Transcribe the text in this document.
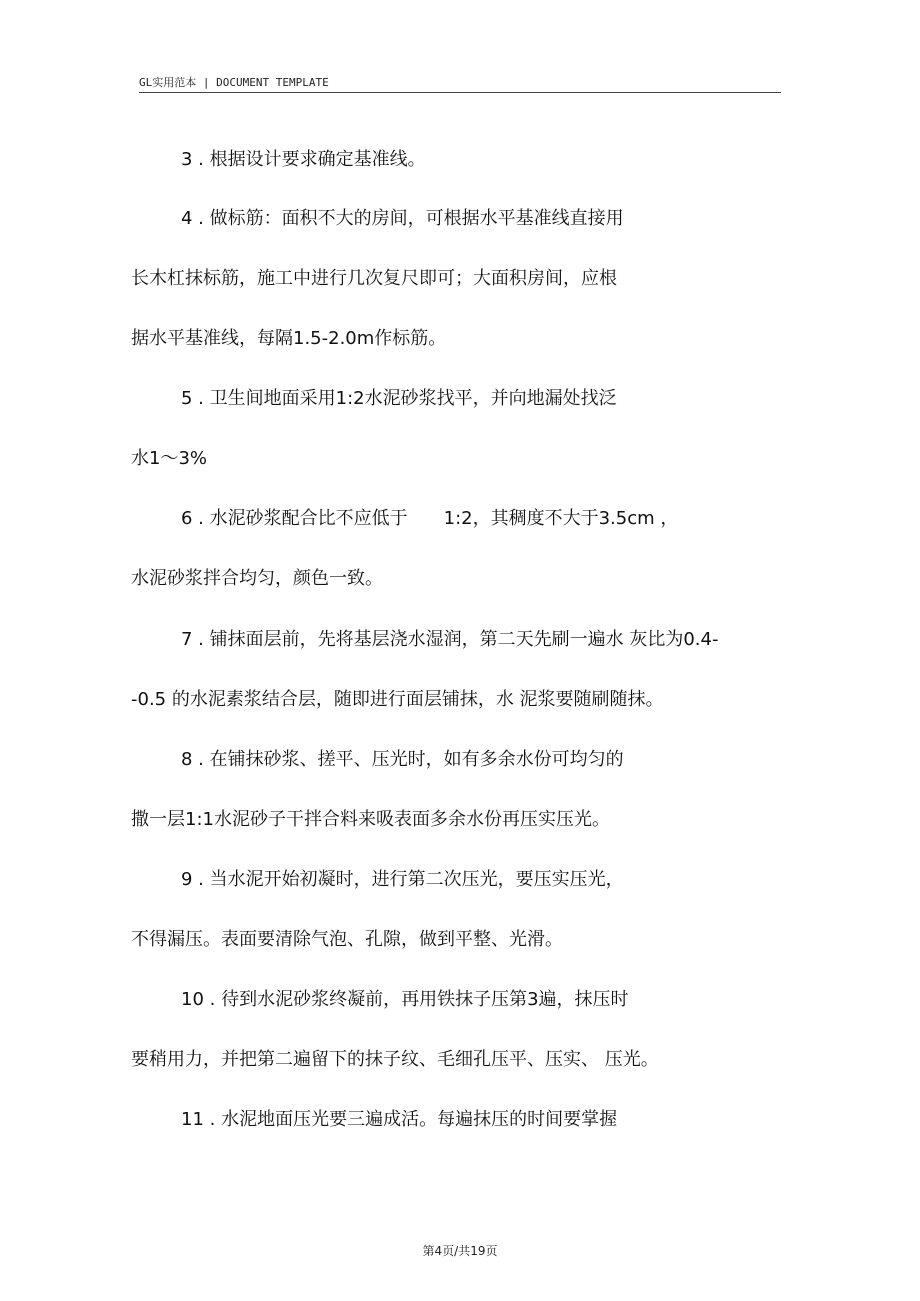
GL实用范本 | DOCUMENT TEMPLATE
3 . 根据设计要求确定基准线。
4 . 做标筋：面积不大的房间，可根据水平基准线直接用
长木杠抹标筋，施工中进行几次复尺即可；大面积房间，应根
据水平基准线，每隔1.5-2.0m作标筋。
5 . 卫生间地面采用1:2水泥砂浆找平，并向地漏处找泛
水1～3%
6 . 水泥砂浆配合比不应低于　　1:2，其稠度不大于3.5cm ，
水泥砂浆拌合均匀，颜色一致。
7 . 铺抹面层前，先将基层浇水湿润，第二天先刷一遍水 灰比为0.4-
-0.5 的水泥素浆结合层，随即进行面层铺抹，水 泥浆要随刷随抹。
8 . 在铺抹砂浆、搓平、压光时，如有多余水份可均匀的
撒一层1:1水泥砂子干拌合料来吸表面多余水份再压实压光。
9 . 当水泥开始初凝时，进行第二次压光，要压实压光，
不得漏压。表面要清除气泡、孔隙，做到平整、光滑。
10 . 待到水泥砂浆终凝前，再用铁抹子压第3遍，抹压时
要稍用力，并把第二遍留下的抹子纹、毛细孔压平、压实、 压光。
11 . 水泥地面压光要三遍成活。每遍抹压的时间要掌握
第4页/共19页
